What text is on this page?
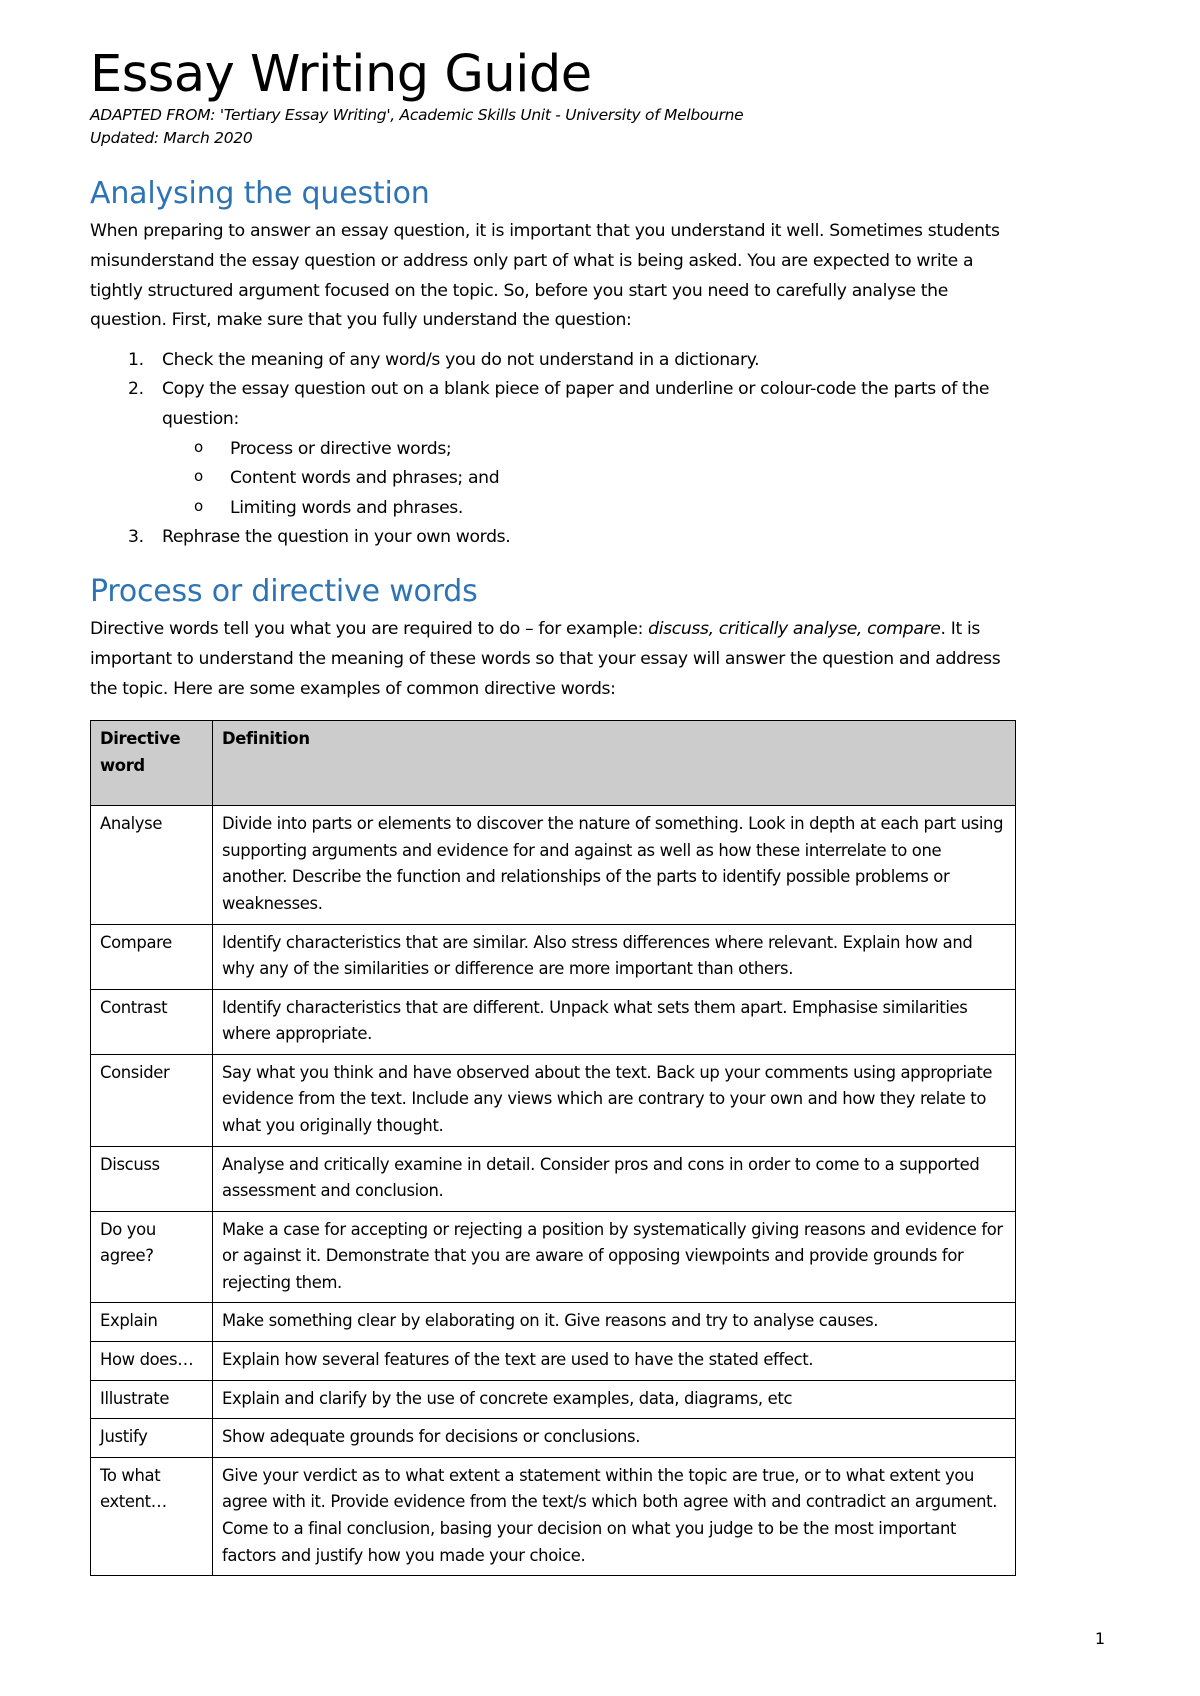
Essay Writing Guide
ADAPTED FROM: 'Tertiary Essay Writing', Academic Skills Unit - University of Melbourne
Updated: March 2020
Analysing the question

When preparing to answer an essay question, it is important that you understand it well. Sometimes students misunderstand the essay question or address only part of what is being asked. You are expected to write a tightly structured argument focused on the topic. So, before you start you need to carefully analyse the question. First, make sure that you fully understand the question:

1.	Check the meaning of any word/s you do not understand in a dictionary.
2.	Copy the essay question out on a blank piece of paper and underline or colour-code the parts of the question:
o Process or directive words;
o Content words and phrases; and
o Limiting words and phrases.
3.	Rephrase the question in your own words.
Process or directive words

Directive words tell you what you are required to do – for example: discuss, critically analyse, compare. It is important to understand the meaning of these words so that your essay will answer the question and address the topic. Here are some examples of common directive words:

Directive word	Definition
Analyse	Divide into parts or elements to discover the nature of something. Look in depth at each part using supporting arguments and evidence for and against as well as how these interrelate to one another. Describe the function and relationships of the parts to identify possible problems or weaknesses.
Compare	Identify characteristics that are similar. Also stress differences where relevant. Explain how and why any of the similarities or difference are more important than others.
Contrast	Identify characteristics that are different. Unpack what sets them apart. Emphasise similarities where appropriate.
Consider	Say what you think and have observed about the text. Back up your comments using appropriate evidence from the text. Include any views which are contrary to your own and how they relate to what you originally thought.
Discuss	Analyse and critically examine in detail. Consider pros and cons in order to come to a supported assessment and conclusion.
Do you agree?	Make a case for accepting or rejecting a position by systematically giving reasons and evidence for or against it. Demonstrate that you are aware of opposing viewpoints and provide grounds for rejecting them.
Explain	Make something clear by elaborating on it. Give reasons and try to analyse causes.
How does…	Explain how several features of the text are used to have the stated effect.
Illustrate	Explain and clarify by the use of concrete examples, data, diagrams, etc
Justify	Show adequate grounds for decisions or conclusions.
To what extent…	Give your verdict as to what extent a statement within the topic are true, or to what extent you agree with it. Provide evidence from the text/s which both agree with and contradict an argument. Come to a final conclusion, basing your decision on what you judge to be the most important factors and justify how you made your choice.
1
